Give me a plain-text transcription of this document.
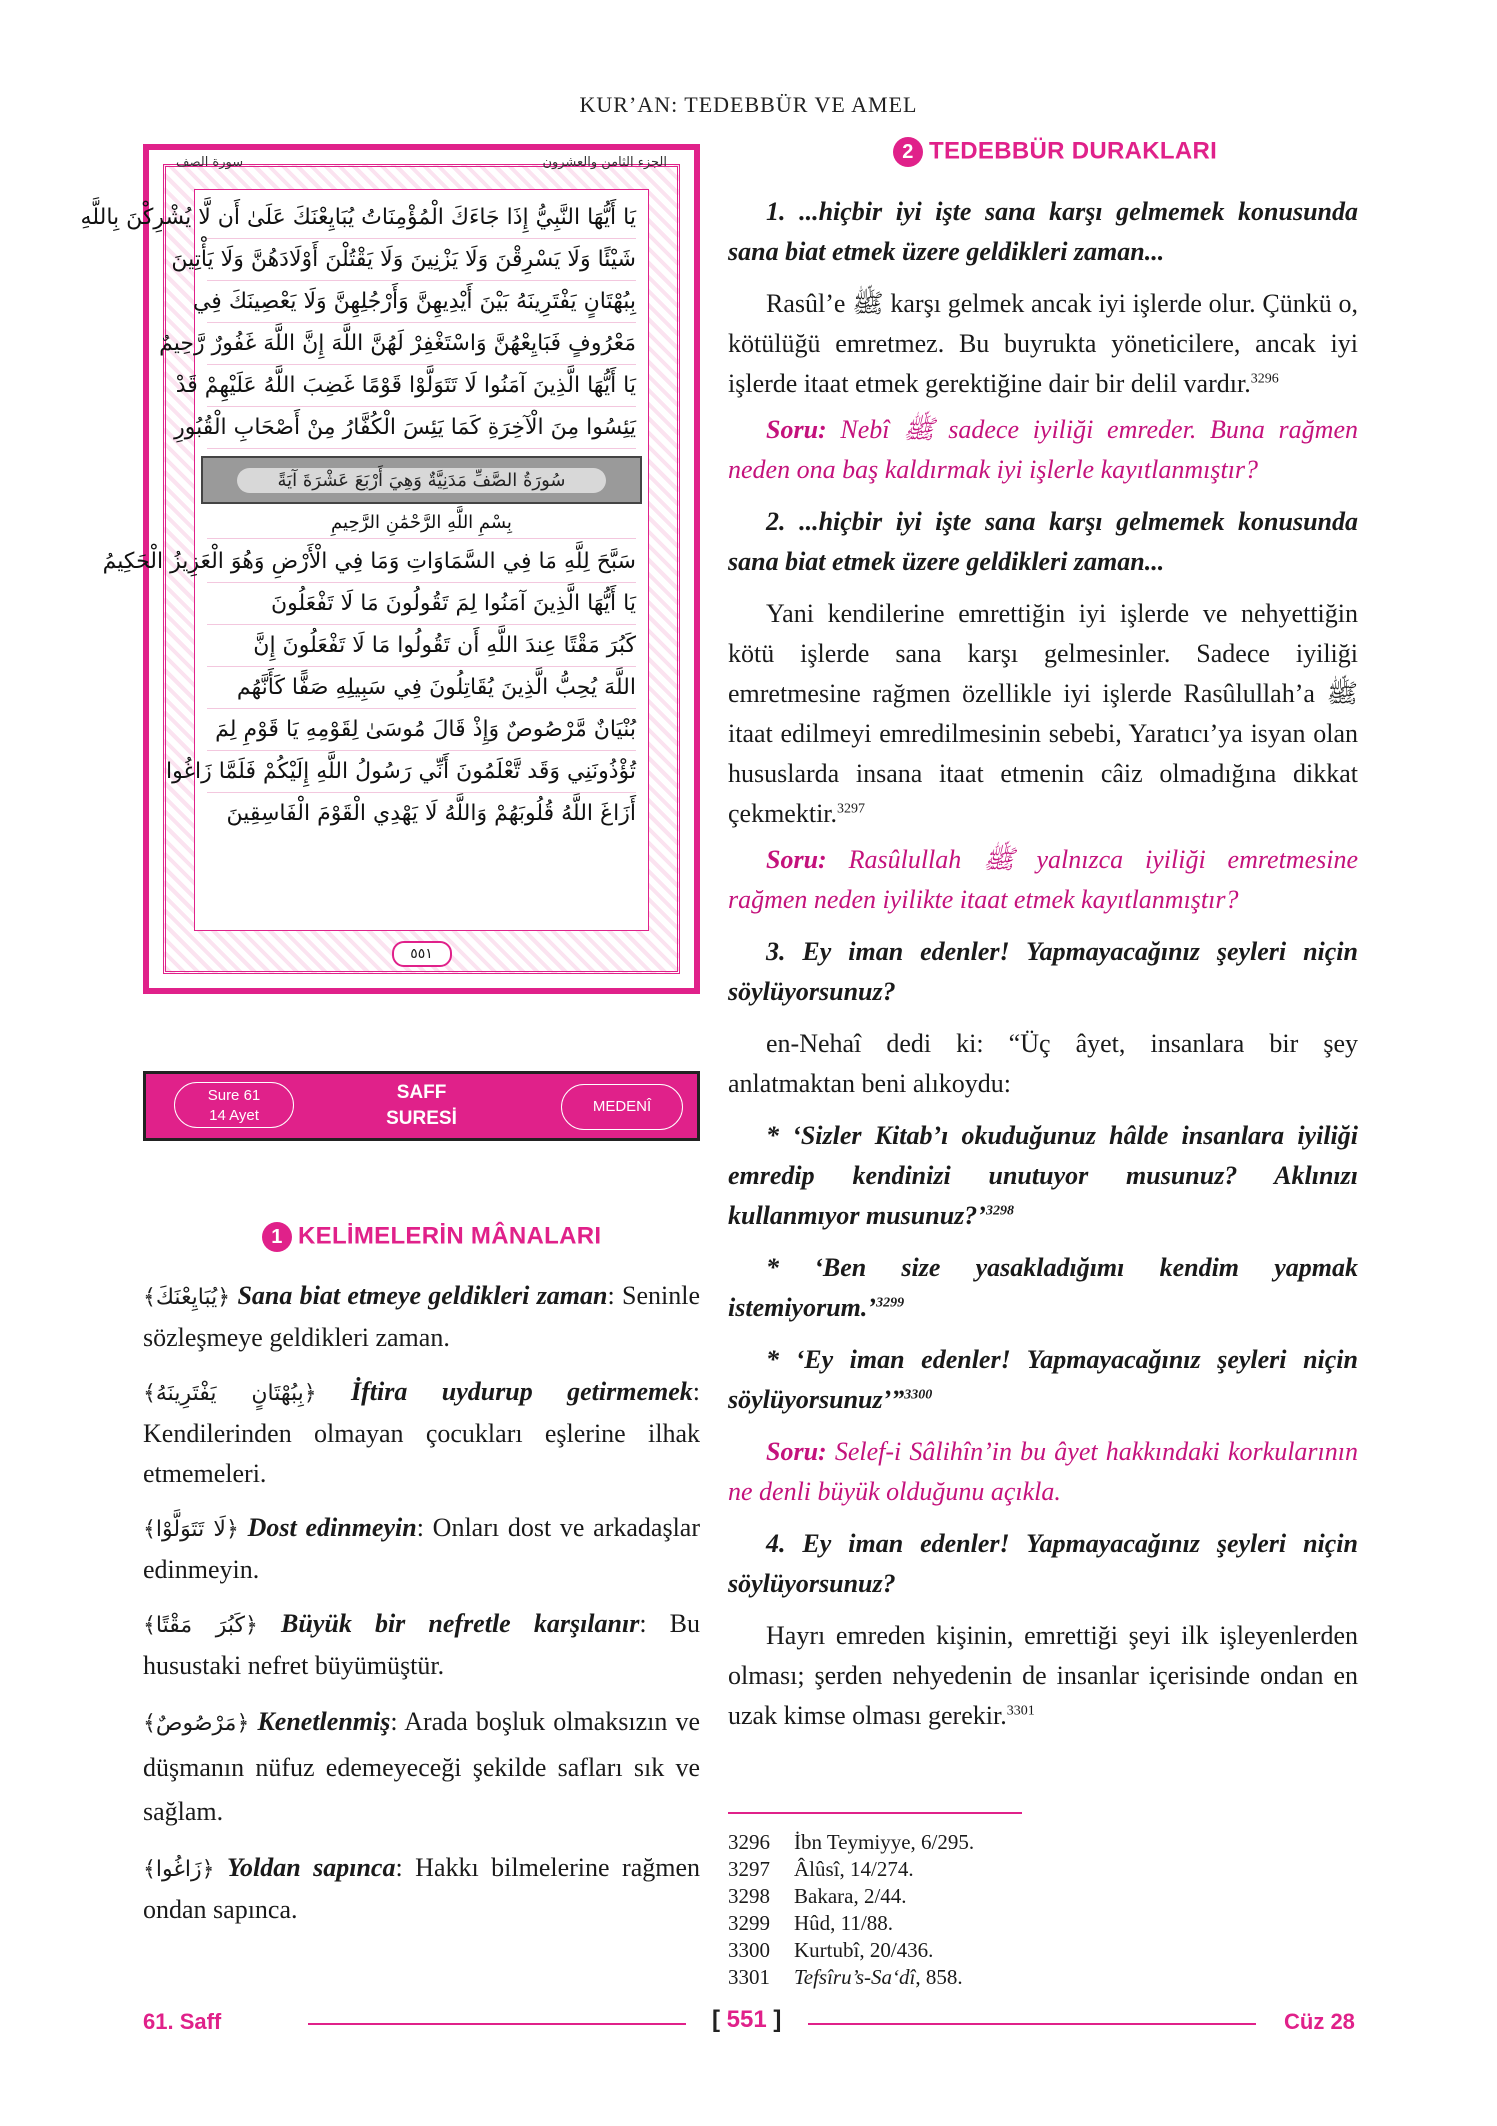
KUR’AN: TEDEBBÜR VE AMEL
سورة الصف	الجزء الثامن والعشرون
يَا أَيُّهَا النَّبِيُّ إِذَا جَاءَكَ الْمُؤْمِنَاتُ يُبَايِعْنَكَ عَلَىٰ أَن لَّا يُشْرِكْنَ بِاللَّهِ
شَيْئًا وَلَا يَسْرِقْنَ وَلَا يَزْنِينَ وَلَا يَقْتُلْنَ أَوْلَادَهُنَّ وَلَا يَأْتِينَ
بِبُهْتَانٍ يَفْتَرِينَهُ بَيْنَ أَيْدِيهِنَّ وَأَرْجُلِهِنَّ وَلَا يَعْصِينَكَ فِي
مَعْرُوفٍ فَبَايِعْهُنَّ وَاسْتَغْفِرْ لَهُنَّ اللَّهَ إِنَّ اللَّهَ غَفُورٌ رَّحِيمٌ
يَا أَيُّهَا الَّذِينَ آمَنُوا لَا تَتَوَلَّوْا قَوْمًا غَضِبَ اللَّهُ عَلَيْهِمْ قَدْ
يَئِسُوا مِنَ الْآخِرَةِ كَمَا يَئِسَ الْكُفَّارُ مِنْ أَصْحَابِ الْقُبُورِ
سُورَةُ الصَّفِّ مَدَنِيَّةٌ وَهِيَ أَرْبَعَ عَشْرَةَ آيَةً
بِسْمِ اللَّهِ الرَّحْمَٰنِ الرَّحِيمِ
سَبَّحَ لِلَّهِ مَا فِي السَّمَاوَاتِ وَمَا فِي الْأَرْضِ وَهُوَ الْعَزِيزُ الْحَكِيمُ
يَا أَيُّهَا الَّذِينَ آمَنُوا لِمَ تَقُولُونَ مَا لَا تَفْعَلُونَ
كَبُرَ مَقْتًا عِندَ اللَّهِ أَن تَقُولُوا مَا لَا تَفْعَلُونَ إِنَّ
اللَّهَ يُحِبُّ الَّذِينَ يُقَاتِلُونَ فِي سَبِيلِهِ صَفًّا كَأَنَّهُم
بُنْيَانٌ مَّرْصُوصٌ وَإِذْ قَالَ مُوسَىٰ لِقَوْمِهِ يَا قَوْمِ لِمَ
تُؤْذُونَنِي وَقَد تَّعْلَمُونَ أَنِّي رَسُولُ اللَّهِ إِلَيْكُمْ فَلَمَّا زَاغُوا
أَزَاغَ اللَّهُ قُلُوبَهُمْ وَاللَّهُ لَا يَهْدِي الْقَوْمَ الْفَاسِقِينَ
٥٥١
Sure 61
14 Ayet
SAFF
SURESİ
MEDENÎ
1 KELİMELERİN MÂNALARI

﴿يُبَايِعْنَكَ﴾ Sana biat etmeye geldikleri zaman: Seninle sözleşmeye geldikleri zaman.

﴿بِبُهْتَانٍ يَفْتَرِينَهُ﴾ İftira uydurup getirmemek: Kendilerinden olmayan çocukları eşlerine ilhak etmemeleri.

﴿لَا تَتَوَلَّوْا﴾ Dost edinmeyin: Onları dost ve arkadaşlar edinmeyin.

﴿كَبُرَ مَقْتًا﴾ Büyük bir nefretle karşılanır: Bu husustaki nefret büyümüştür.

﴿مَرْصُوصٌ﴾ Kenetlenmiş: Arada boşluk olmaksızın ve düşmanın nüfuz edemeyeceği şekilde safları sık ve sağlam.

﴿زَاغُوا﴾ Yoldan sapınca: Hakkı bilmelerine rağmen ondan sapınca.

2 TEDEBBÜR DURAKLARI

1. ...hiçbir iyi işte sana karşı gelmemek konusunda sana biat etmek üzere geldikleri zaman...

Rasûl’e ﷺ karşı gelmek ancak iyi işlerde olur. Çünkü o, kötülüğü emretmez. Bu buyrukta yöneticilere, ancak iyi işlerde itaat etmek gerektiğine dair bir delil vardır.$^{3296}$

Soru: Nebî ﷺ sadece iyiliği emreder. Buna rağmen neden ona baş kaldırmak iyi işlerle kayıtlanmıştır?

2. ...hiçbir iyi işte sana karşı gelmemek konusunda sana biat etmek üzere geldikleri zaman...

Yani kendilerine emrettiğin iyi işlerde ve nehyettiğin kötü işlerde sana karşı gelmesinler. Sadece iyiliği emretmesine rağmen özellikle iyi işlerde Rasûlullah’a ﷺ itaat edilmeyi emredilmesinin sebebi, Yaratıcı’ya isyan olan hususlarda insana itaat etmenin câiz olmadığına dikkat çekmektir.$^{3297}$

Soru: Rasûlullah ﷺ yalnızca iyiliği emretmesine rağmen neden iyilikte itaat etmek kayıtlanmıştır?

3. Ey iman edenler! Yapmayacağınız şeyleri niçin söylüyorsunuz?

en-Nehaî dedi ki: “Üç âyet, insanlara bir şey anlatmaktan beni alıkoydu:

* ‘Sizler Kitab’ı okuduğunuz hâlde insanlara iyiliği emredip kendinizi unutuyor musunuz? Aklınızı kullanmıyor musunuz?’$^{3298}$

* ‘Ben size yasakladığımı kendim yapmak istemiyorum.’$^{3299}$

* ‘Ey iman edenler! Yapmayacağınız şeyleri niçin söylüyorsunuz’”$^{3300}$

Soru: Selef-i Sâlihîn’in bu âyet hakkındaki korkularının ne denli büyük olduğunu açıkla.

4. Ey iman edenler! Yapmayacağınız şeyleri niçin söylüyorsunuz?

Hayrı emreden kişinin, emrettiği şeyi ilk işleyenlerden olması; şerden nehyedenin de insanlar içerisinde ondan en uzak kimse olması gerekir.$^{3301}$

3296 İbn Teymiyye, 6/295.
3297 Âlûsî, 14/274.
3298 Bakara, 2/44.
3299 Hûd, 11/88.
3300 Kurtubî, 20/436.
3301 Tefsîru’s-Sa‘dî, 858.
61. Saff	[ 551 ]	Cüz 28
